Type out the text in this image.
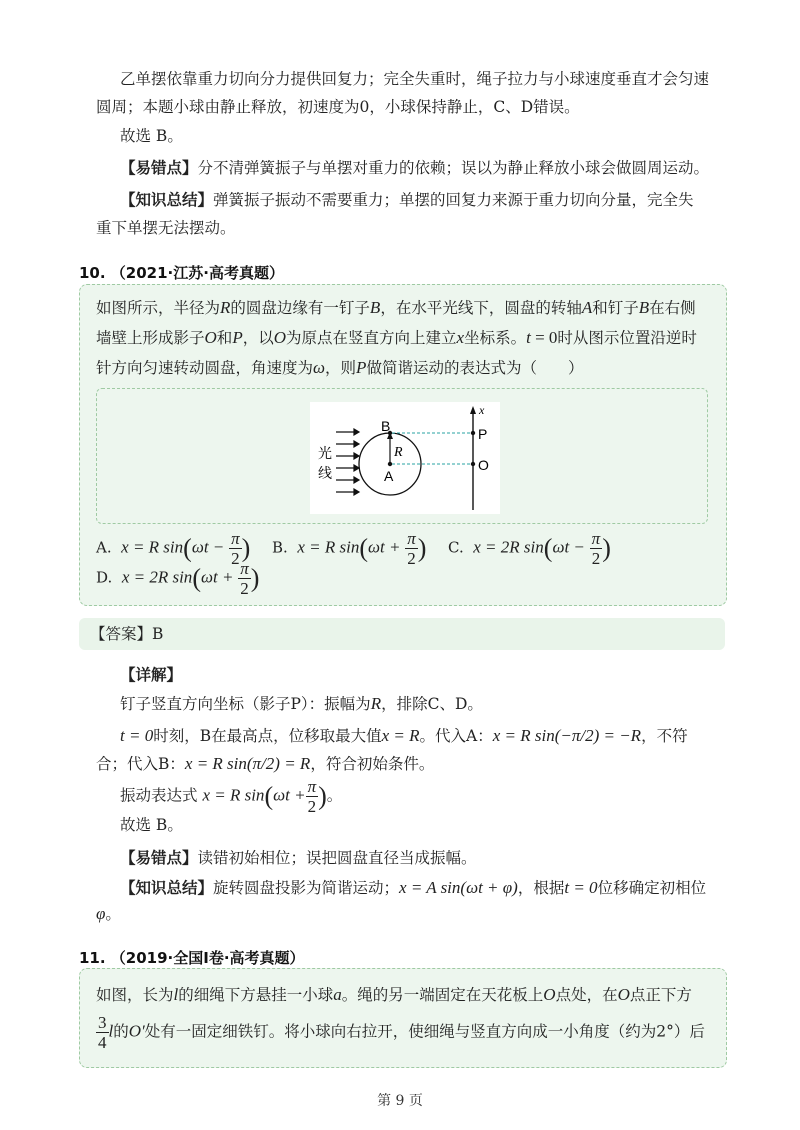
乙单摆依靠重力切向分力提供回复力；完全失重时，绳子拉力与小球速度垂直才会匀速
圆周；本题小球由静止释放，初速度为0，小球保持静止，C、D错误。
故选 B。
【易错点】分不清弹簧振子与单摆对重力的依赖；误以为静止释放小球会做圆周运动。
【知识总结】弹簧振子振动不需要重力；单摆的回复力来源于重力切向分量，完全失
重下单摆无法摆动。
10. （2021·江苏·高考真题）
如图所示，半径为R的圆盘边缘有一钉子B，在水平光线下，圆盘的转轴A和钉子B在右侧
墙壁上形成影子O和P，以O为原点在竖直方向上建立x坐标系。t = 0时从图示位置沿逆时
针方向匀速转动圆盘，角速度为ω，则P做简谐运动的表达式为（　　）
光
线
B
R
A
P
O
x
A. x = R $\sin(\omega t - \frac{\pi}{2}$ ) B. x = R $\sin(\omega t + \frac{\pi}{2}$ ) C. x = 2R $\sin(\omega t - \frac{\pi}{2}$ )
D. x = 2R $\sin(\omega t + \frac{\pi}{2}$ )
【答案】B
【详解】
钉子竖直方向坐标（影子P）：振幅为R，排除C、D。
t = 0时刻，B在最高点，位移取最大值x = R。代入A：x = R sin(−π/2) = −R，不符
合；代入B：x = R sin(π/2) = R，符合初始条件。
振动表达式 x = R $\sin(\omega t + \frac{\pi}{2}$ )。
故选 B。
【易错点】读错初始相位；误把圆盘直径当成振幅。
【知识总结】旋转圆盘投影为简谐运动；x = A sin(ωt + φ)，根据t = 0位移确定初相位
φ。
11. （2019·全国I卷·高考真题）
如图，长为l的细绳下方悬挂一小球a。绳的另一端固定在天花板上O点处，在O点正下方
$\frac{3}{4}$ l的O′处有一固定细铁钉。将小球向右拉开，使细绳与竖直方向成一小角度（约为2°）后
第 9 页
